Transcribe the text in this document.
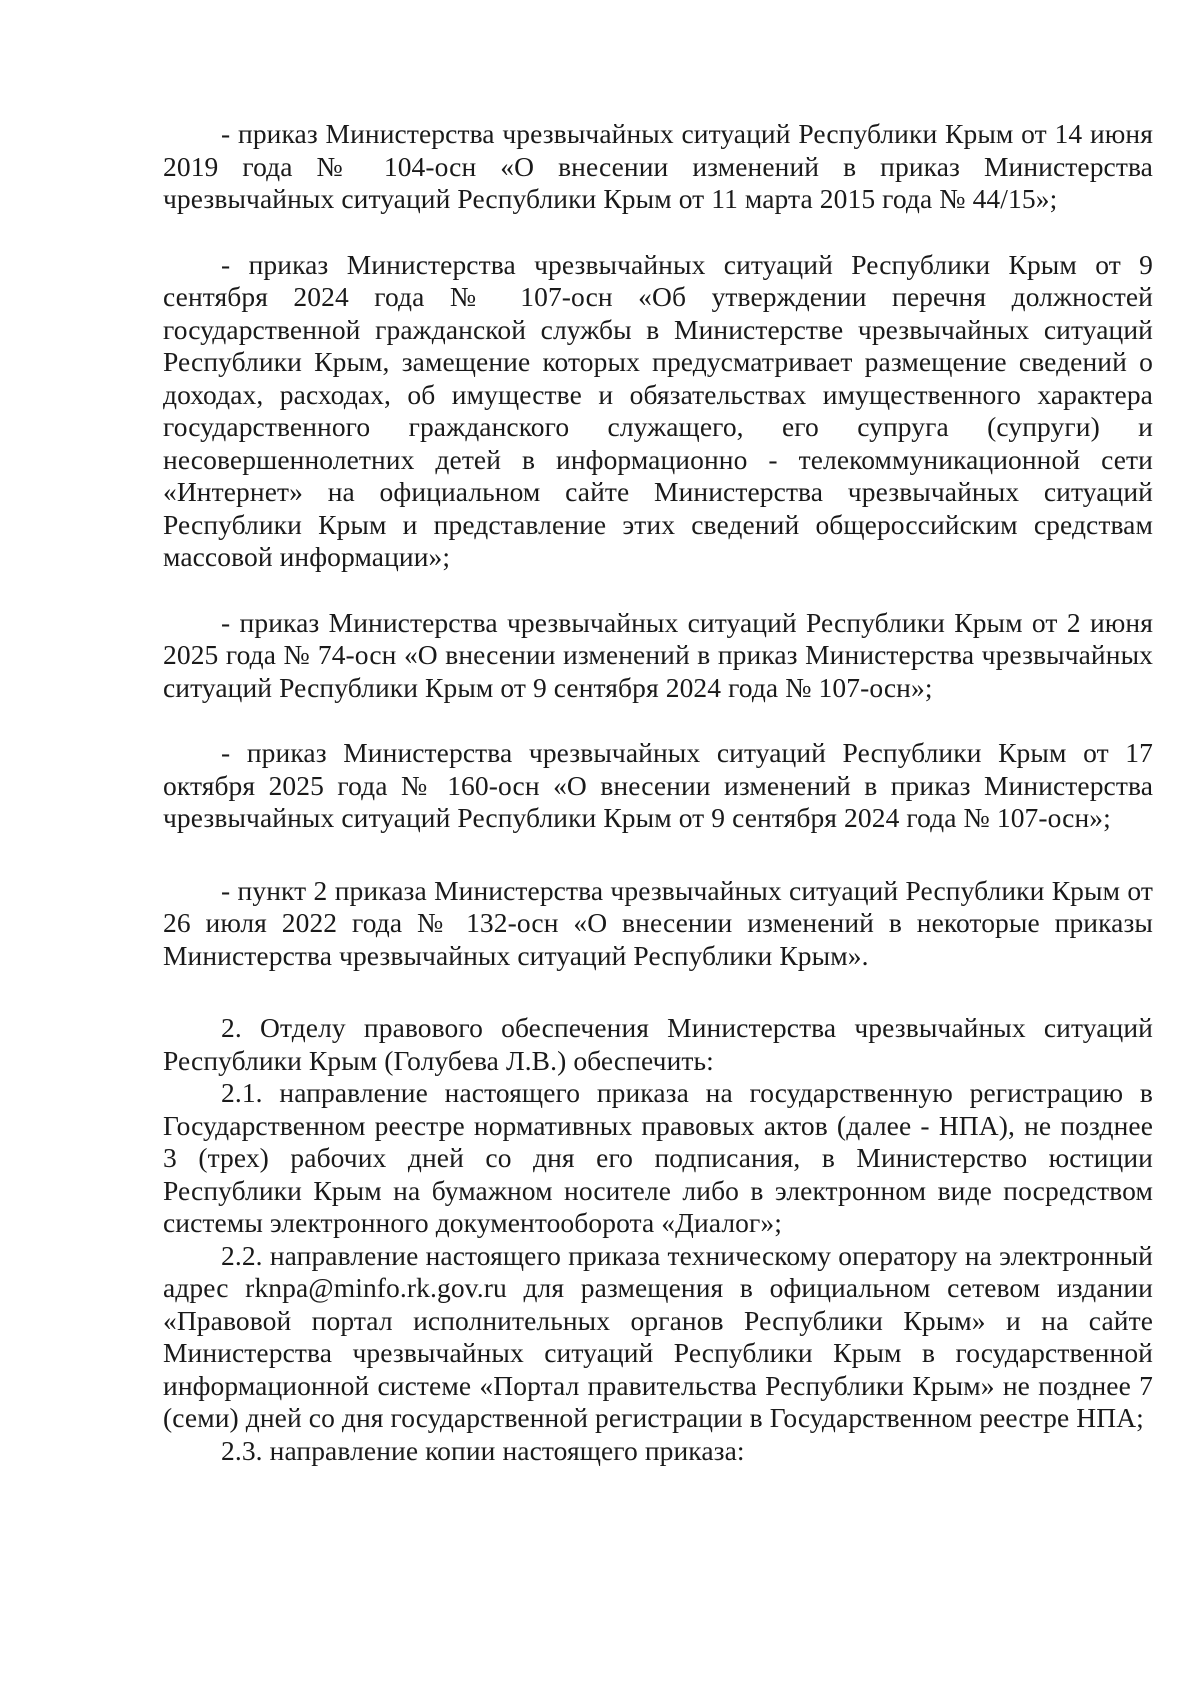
- приказ Министерства чрезвычайных ситуаций Республики Крым от 14 июня 2019 года № 104-осн «О внесении изменений в приказ Министерства чрезвычайных ситуаций Республики Крым от 11 марта 2015 года № 44/15»;

- приказ Министерства чрезвычайных ситуаций Республики Крым от 9 сентября 2024 года № 107-осн «Об утверждении перечня должностей государственной гражданской службы в Министерстве чрезвычайных ситуаций Республики Крым, замещение которых предусматривает размещение сведений о доходах, расходах, об имуществе и обязательствах имущественного характера государственного гражданского служащего, его супруга (супруги) и несовершеннолетних детей в информационно - телекоммуникационной сети «Интернет» на официальном сайте Министерства чрезвычайных ситуаций Республики Крым и представление этих сведений общероссийским средствам массовой информации»;

- приказ Министерства чрезвычайных ситуаций Республики Крым от 2 июня 2025 года № 74-осн «О внесении изменений в приказ Министерства чрезвычайных ситуаций Республики Крым от 9 сентября 2024 года № 107-осн»;

- приказ Министерства чрезвычайных ситуаций Республики Крым от 17 октября 2025 года № 160-осн «О внесении изменений в приказ Министерства чрезвычайных ситуаций Республики Крым от 9 сентября 2024 года № 107-осн»;

- пункт 2 приказа Министерства чрезвычайных ситуаций Республики Крым от 26 июля 2022 года № 132-осн «О внесении изменений в некоторые приказы Министерства чрезвычайных ситуаций Республики Крым».

2. Отделу правового обеспечения Министерства чрезвычайных ситуаций Республики Крым (Голубева Л.В.) обеспечить:

2.1. направление настоящего приказа на государственную регистрацию в Государственном реестре нормативных правовых актов (далее - НПА), не позднее 3 (трех) рабочих дней со дня его подписания, в Министерство юстиции Республики Крым на бумажном носителе либо в электронном виде посредством системы электронного документооборота «Диалог»;

2.2. направление настоящего приказа техническому оператору на электронный адрес rknpa@minfo.rk.gov.ru для размещения в официальном сетевом издании «Правовой портал исполнительных органов Республики Крым» и на сайте Министерства чрезвычайных ситуаций Республики Крым в государственной информационной системе «Портал правительства Республики Крым» не позднее 7 (семи) дней со дня государственной регистрации в Государственном реестре НПА;

2.3. направление копии настоящего приказа:
